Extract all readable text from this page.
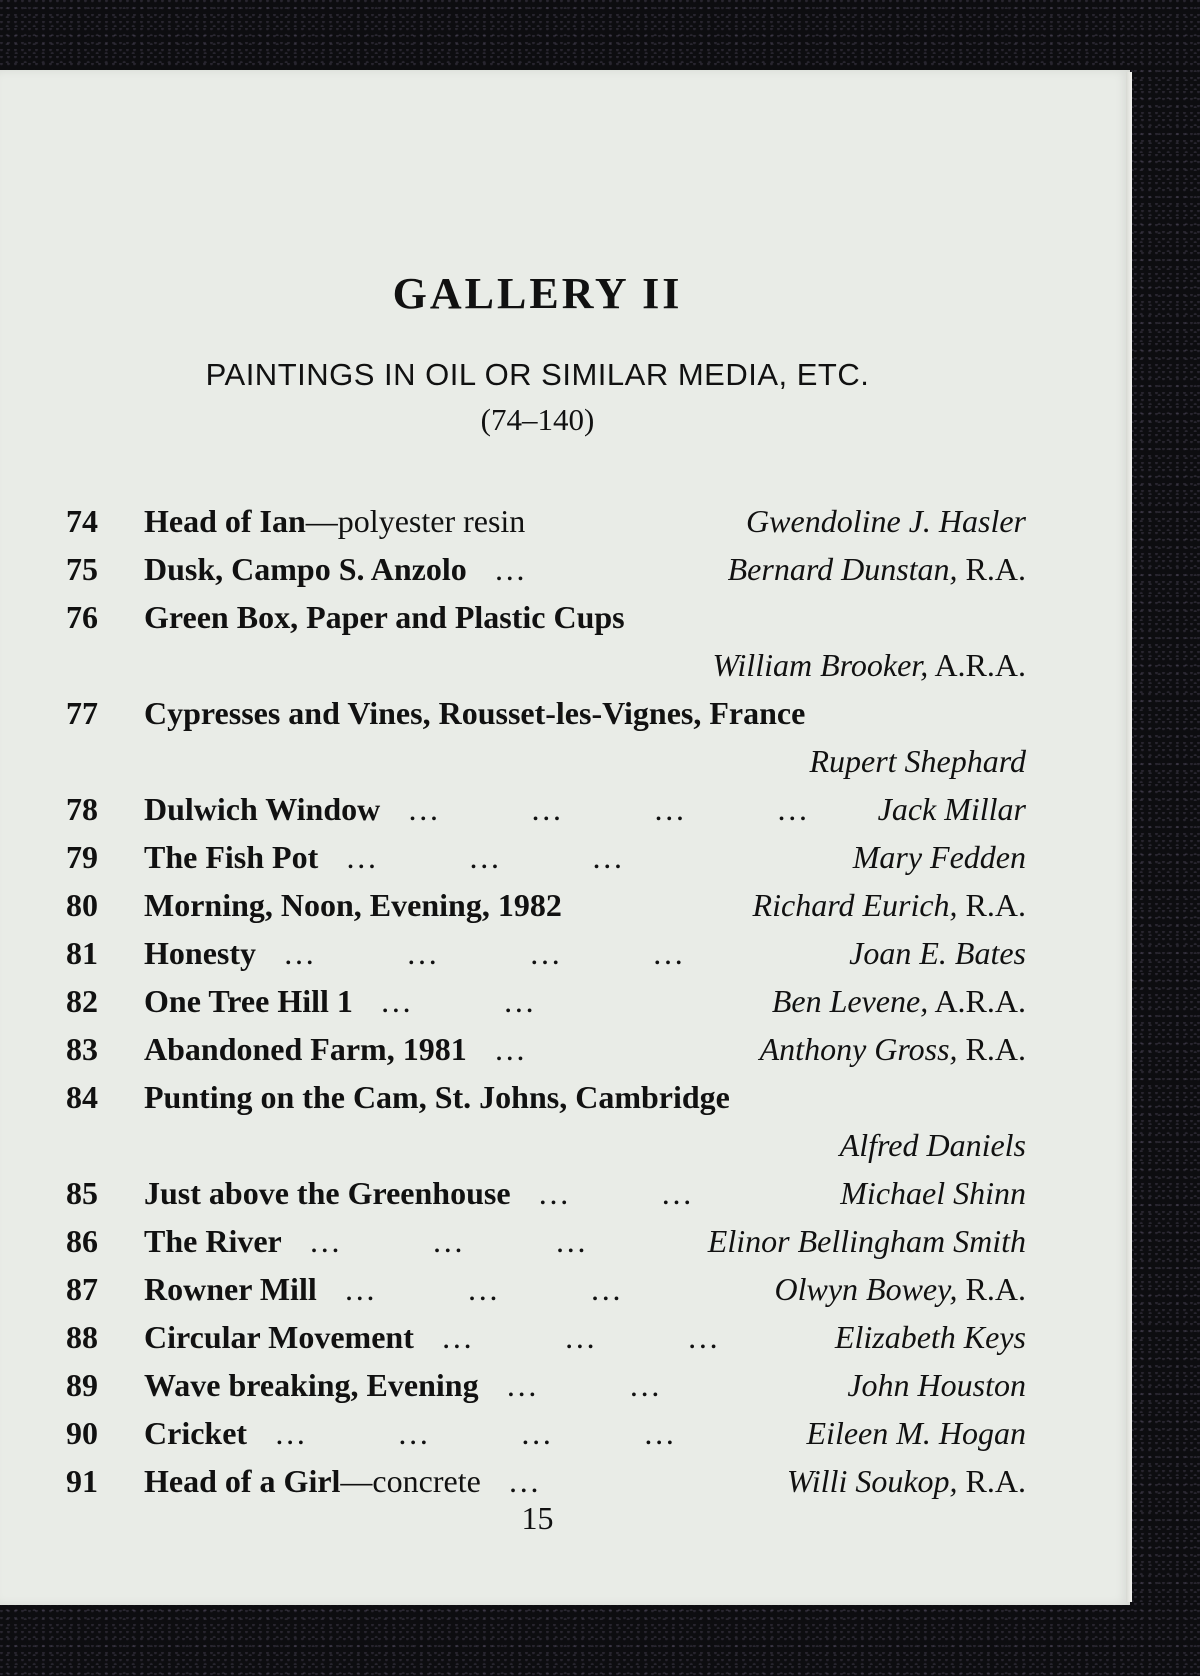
GALLERY II
PAINTINGS IN OIL OR SIMILAR MEDIA, ETC.
(74–140)
74	Head of Ian—polyester resin	Gwendoline J. Hasler
75	Dusk, Campo S. Anzolo   …	Bernard Dunstan, R.A.
76	Green Box, Paper and Plastic Cups
William Brooker, A.R.A.
77	Cypresses and Vines, Rousset-les-Vignes, France
Rupert Shephard
78	Dulwich Window   …          …          …          … Jack Millar
79	The Fish Pot   …          …          …	Mary Fedden
80	Morning, Noon, Evening, 1982	Richard Eurich, R.A.
81	Honesty   …          …          …          …	Joan E. Bates
82	One Tree Hill 1   …          …	Ben Levene, A.R.A.
83	Abandoned Farm, 1981   …	Anthony Gross, R.A.
84	Punting on the Cam, St. Johns, Cambridge
Alfred Daniels
85	Just above the Greenhouse   …          …	Michael Shinn
86	The River   …          …          …	Elinor Bellingham Smith
87	Rowner Mill   …          …          …	Olwyn Bowey, R.A.
88	Circular Movement   …          …          …	Elizabeth Keys
89	Wave breaking, Evening   …          …	John Houston
90	Cricket   …          …          …          …	Eileen M. Hogan
91	Head of a Girl—concrete   …	Willi Soukop, R.A.
15
